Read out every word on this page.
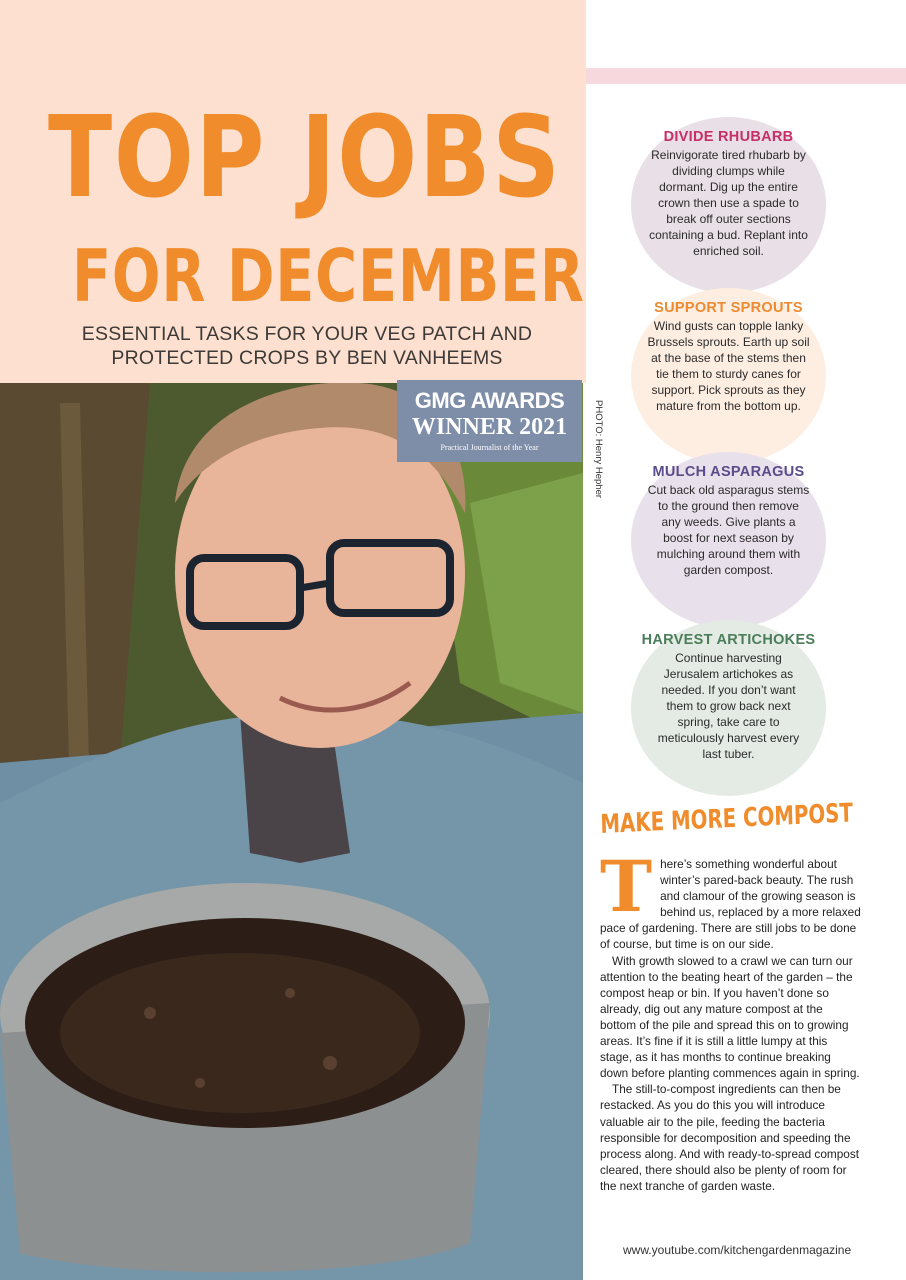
TOP JOBS
FOR DECEMBER
ESSENTIAL TASKS FOR YOUR VEG PATCH AND PROTECTED CROPS BY BEN VANHEEMS
GMG AWARDS
WINNER 2021
Practical Journalist of the Year	PHOTO: Henry Hepher
DIVIDE RHUBARB

Reinvigorate tired rhubarb by dividing clumps while dormant. Dig up the entire crown then use a spade to break off outer sections containing a bud. Replant into enriched soil.

SUPPORT SPROUTS

Wind gusts can topple lanky Brussels sprouts. Earth up soil at the base of the stems then tie them to sturdy canes for support. Pick sprouts as they mature from the bottom up.

MULCH ASPARAGUS

Cut back old asparagus stems to the ground then remove any weeds. Give plants a boost for next season by mulching around them with garden compost.

HARVEST ARTICHOKES

Continue harvesting Jerusalem artichokes as needed. If you don’t want them to grow back next spring, take care to meticulously harvest every last tuber.

MAKE MORE COMPOST

There’s something wonderful about winter’s pared-back beauty. The rush and clamour of the growing season is behind us, replaced by a more relaxed pace of gardening. There are still jobs to be done of course, but time is on our side.

With growth slowed to a crawl we can turn our attention to the beating heart of the garden – the compost heap or bin. If you haven’t done so already, dig out any mature compost at the bottom of the pile and spread this on to growing areas. It’s fine if it is still a little lumpy at this stage, as it has months to continue breaking down before planting commences again in spring.

The still-to-compost ingredients can then be restacked. As you do this you will introduce valuable air to the pile, feeding the bacteria responsible for decomposition and speeding the process along. And with ready-to-spread compost cleared, there should also be plenty of room for the next tranche of garden waste.

www.youtube.com/kitchengardenmagazine
